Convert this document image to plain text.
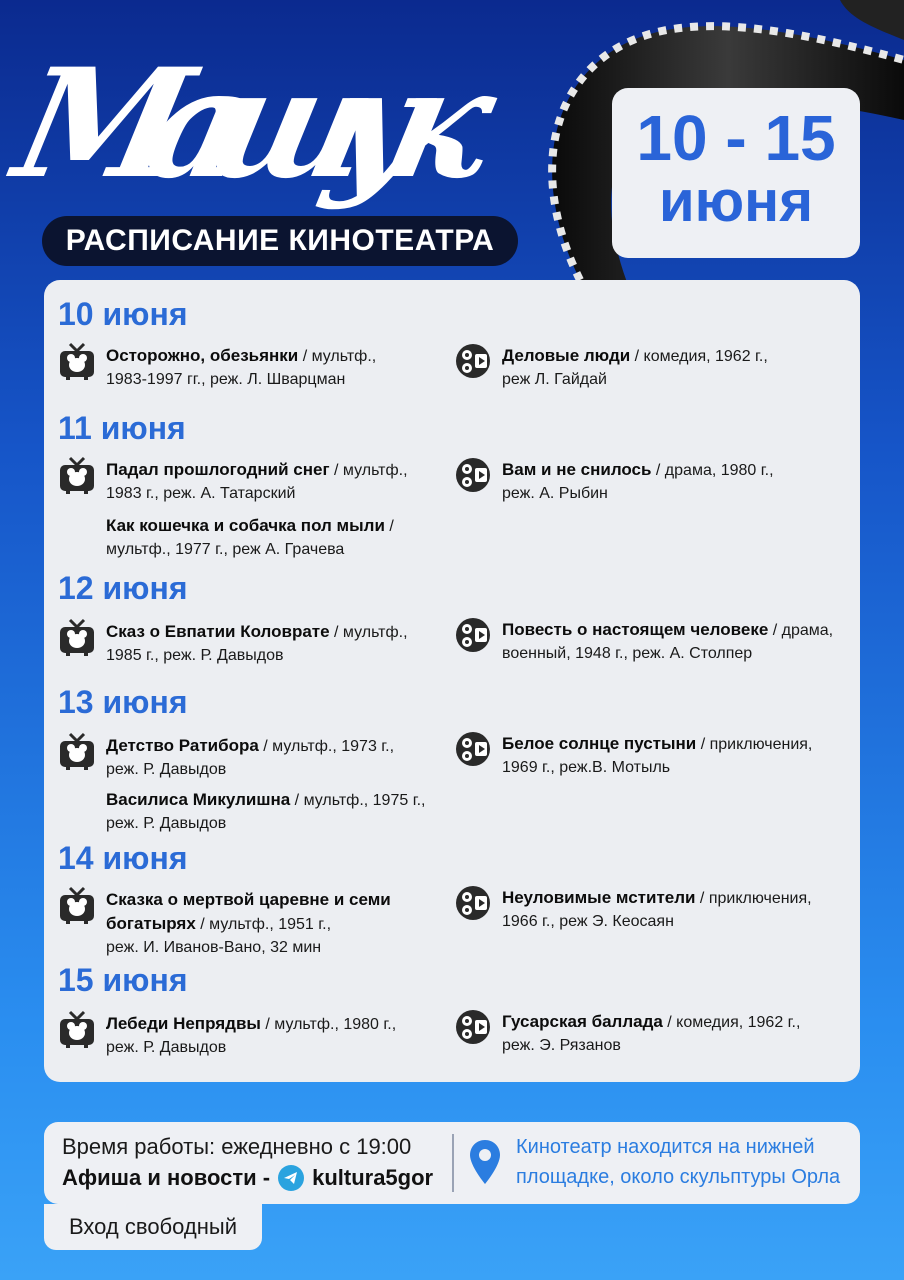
Машук
РАСПИСАНИЕ КИНОТЕАТРА
10 - 15
июня
10 июня
Осторожно, обезьянки / мультф.,
1983-1997 гг., реж. Л. Шварцман
Деловые люди / комедия, 1962 г.,
реж Л. Гайдай
11 июня
Падал прошлогодний снег / мультф.,
1983 г., реж. А. Татарский
Как кошечка и собачка пол мыли /
мультф., 1977 г., реж А. Грачева
Вам и не снилось / драма, 1980 г.,
реж. А. Рыбин
12 июня
Сказ о Евпатии Коловрате / мультф.,
1985 г., реж. Р. Давыдов
Повесть о настоящем человеке / драма,
военный, 1948 г., реж. А. Столпер
13 июня
Детство Ратибора / мультф., 1973 г.,
реж. Р. Давыдов
Василиса Микулишна / мультф., 1975 г.,
реж. Р. Давыдов
Белое солнце пустыни / приключения,
1969 г., реж.В. Мотыль
14 июня
Сказка о мертвой царевне и семи
богатырях / мультф., 1951 г.,
реж. И. Иванов-Вано, 32 мин
Неуловимые мстители / приключения,
1966 г., реж Э. Кеосаян
15 июня
Лебеди Непрядвы / мультф., 1980 г.,
реж. Р. Давыдов
Гусарская баллада / комедия, 1962 г.,
реж. Э. Рязанов
Время работы: ежедневно с 19:00
Афиша и новости - kultura5gor
Кинотеатр находится на нижней
площадке, около скульптуры Орла
Вход свободный
